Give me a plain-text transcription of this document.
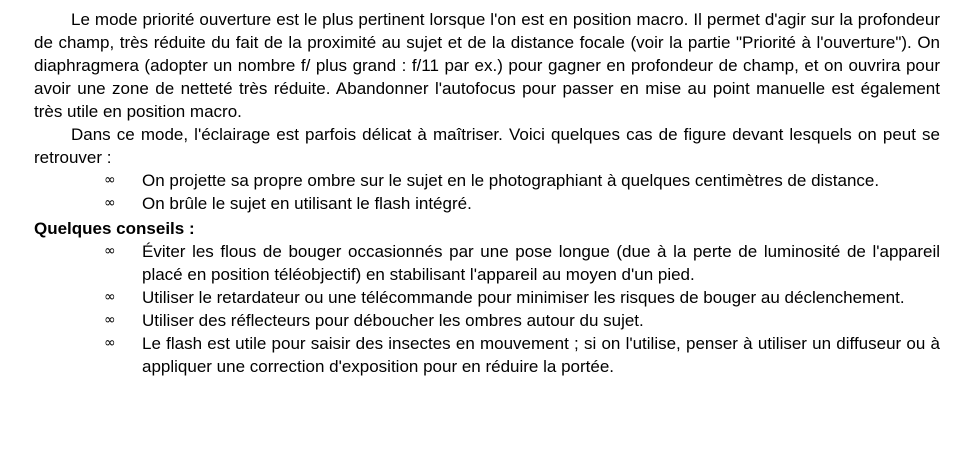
Le mode priorité ouverture est le plus pertinent lorsque l'on est en position macro. Il permet d'agir sur la profondeur de champ, très réduite du fait de la proximité au sujet et de la distance focale (voir la partie "Priorité à l'ouverture"). On diaphragmera (adopter un nombre f/ plus grand : f/11 par ex.) pour gagner en profondeur de champ, et on ouvrira pour avoir une zone de netteté très réduite. Abandonner l'autofocus pour passer en mise au point manuelle est également très utile en position macro.

Dans ce mode, l'éclairage est parfois délicat à maîtriser. Voici quelques cas de figure devant lesquels on peut se retrouver :

∞	On projette sa propre ombre sur le sujet en le photographiant à quelques centimètres de distance.
∞	On brûle le sujet en utilisant le flash intégré.
Quelques conseils :
∞	Éviter les flous de bouger occasionnés par une pose longue (due à la perte de luminosité de l'appareil placé en position téléobjectif) en stabilisant l'appareil au moyen d'un pied.
∞	Utiliser le retardateur ou une télécommande pour minimiser les risques de bouger au déclenchement.
∞	Utiliser des réflecteurs pour déboucher les ombres autour du sujet.
∞	Le flash est utile pour saisir des insectes en mouvement ; si on l'utilise, penser à utiliser un diffuseur ou à appliquer une correction d'exposition pour en réduire la portée.
